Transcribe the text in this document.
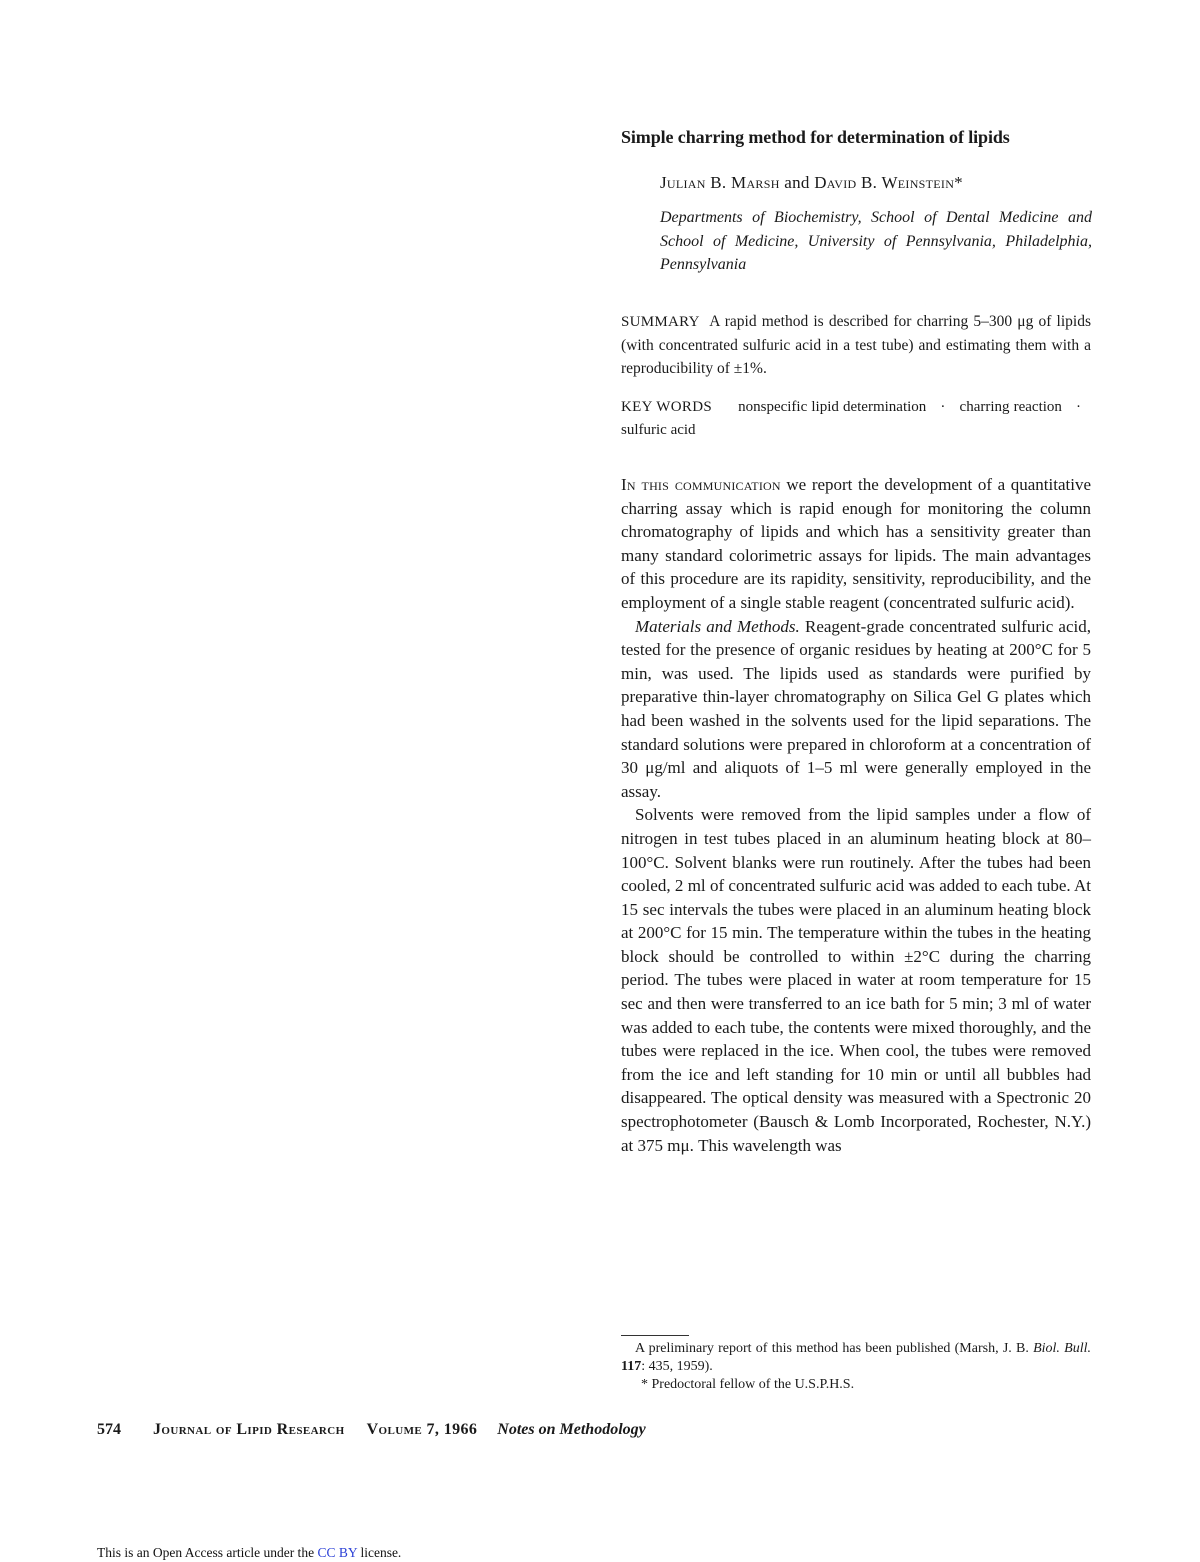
Simple charring method for determination of lipids
Julian B. Marsh and David B. Weinstein*
Departments of Biochemistry, School of Dental Medicine and School of Medicine, University of Pennsylvania, Philadelphia, Pennsylvania
SUMMARY A rapid method is described for charring 5–300 μg of lipids (with concentrated sulfuric acid in a test tube) and estimating them with a reproducibility of ±1%.
KEY WORDS nonspecific lipid determination · charring reaction · sulfuric acid

In this communication we report the development of a quantitative charring assay which is rapid enough for monitoring the column chromatography of lipids and which has a sensitivity greater than many standard colorimetric assays for lipids. The main advantages of this procedure are its rapidity, sensitivity, reproducibility, and the employment of a single stable reagent (concentrated sulfuric acid).

Materials and Methods. Reagent-grade concentrated sulfuric acid, tested for the presence of organic residues by heating at 200°C for 5 min, was used. The lipids used as standards were purified by preparative thin-layer chromatography on Silica Gel G plates which had been washed in the solvents used for the lipid separations. The standard solutions were prepared in chloroform at a concentration of 30 μg/ml and aliquots of 1–5 ml were generally employed in the assay.

Solvents were removed from the lipid samples under a flow of nitrogen in test tubes placed in an aluminum heating block at 80–100°C. Solvent blanks were run routinely. After the tubes had been cooled, 2 ml of concentrated sulfuric acid was added to each tube. At 15 sec intervals the tubes were placed in an aluminum heating block at 200°C for 15 min. The temperature within the tubes in the heating block should be controlled to within ±2°C during the charring period. The tubes were placed in water at room temperature for 15 sec and then were transferred to an ice bath for 5 min; 3 ml of water was added to each tube, the contents were mixed thoroughly, and the tubes were replaced in the ice. When cool, the tubes were removed from the ice and left standing for 10 min or until all bubbles had disappeared. The optical density was measured with a Spectronic 20 spectrophotometer (Bausch & Lomb Incorporated, Rochester, N.Y.) at 375 mμ. This wavelength was

A preliminary report of this method has been published (Marsh, J. B. Biol. Bull. 117: 435, 1959).

* Predoctoral fellow of the U.S.P.H.S.

574 Journal of Lipid Research Volume 7, 1966 Notes on Methodology
This is an Open Access article under the CC BY license.
